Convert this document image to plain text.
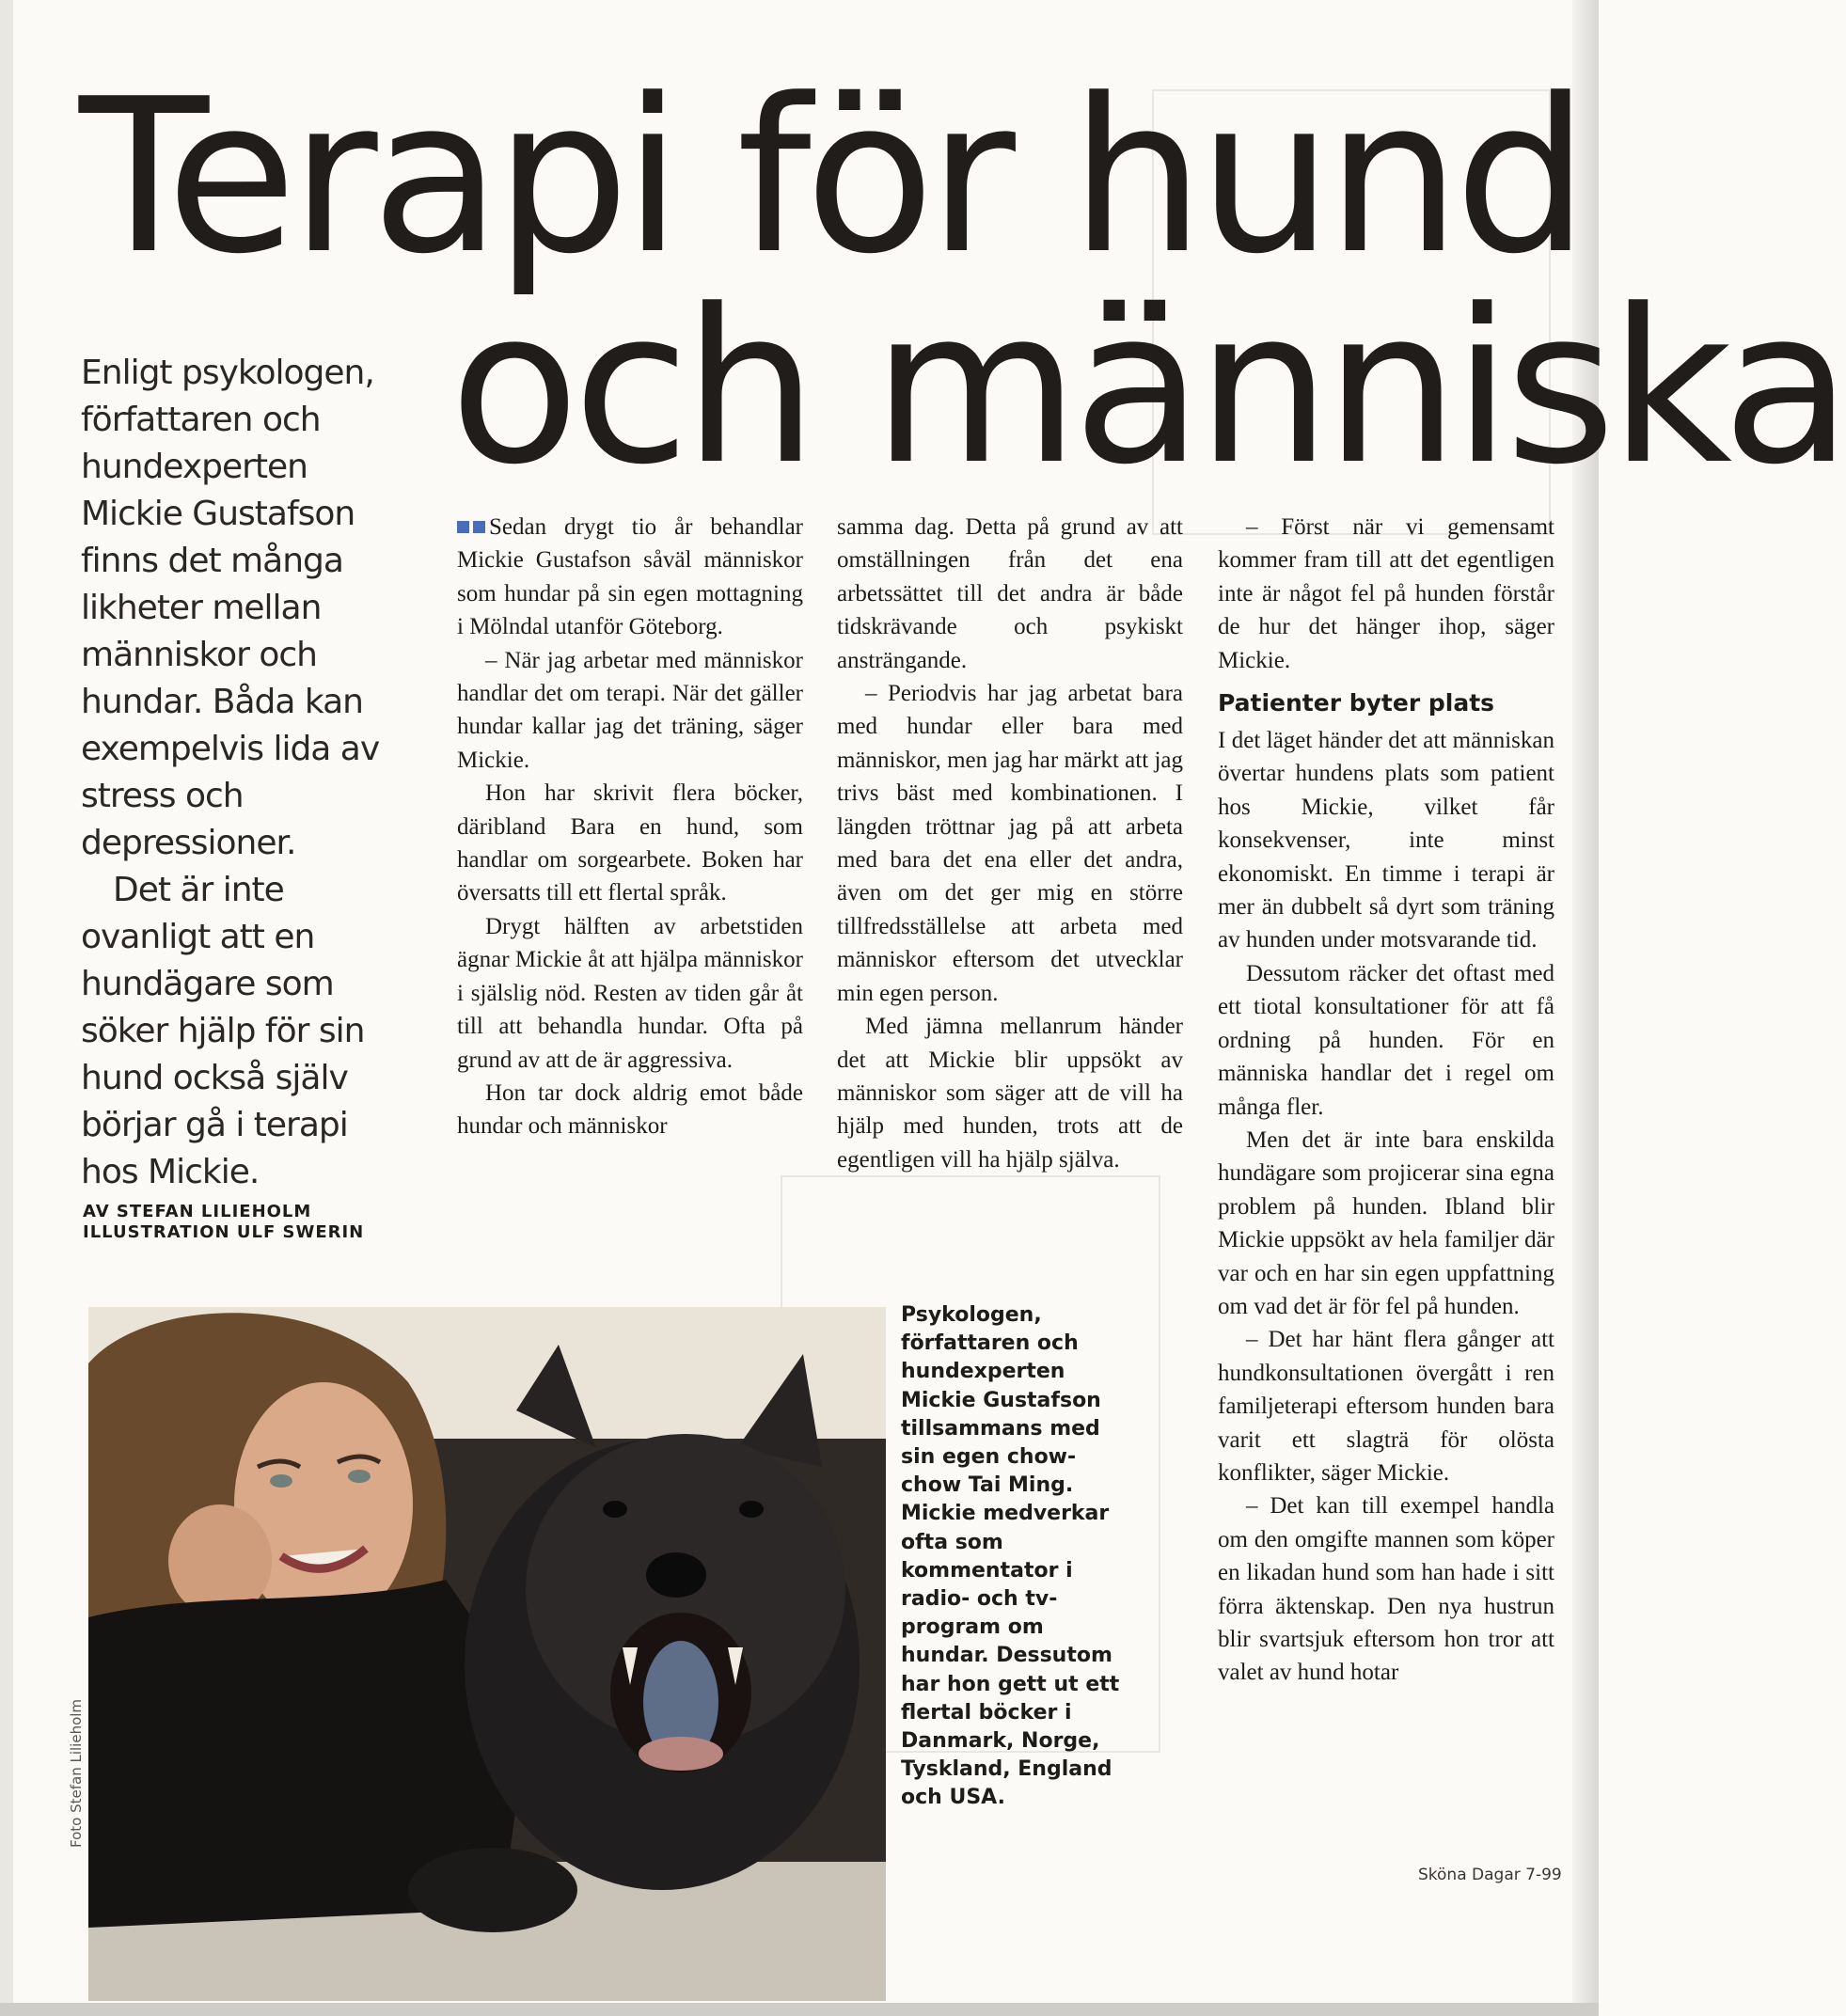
Terapi för hund
och människa

Enligt psykologen, författaren och hundexperten Mickie Gustafson finns det många likheter mellan människor och hundar. Båda kan exempelvis lida av stress och depressioner.

Det är inte ovanligt att en hundägare som söker hjälp för sin hund också själv börjar gå i terapi hos Mickie.

AV STEFAN LILIEHOLM
ILLUSTRATION ULF SWERIN

Sedan drygt tio år behandlar Mickie Gustafson såväl människor som hundar på sin egen mottagning i Mölndal utanför Göteborg.

– När jag arbetar med människor handlar det om terapi. När det gäller hundar kallar jag det träning, säger Mickie.

Hon har skrivit flera böcker, däribland Bara en hund, som handlar om sorgearbete. Boken har översatts till ett flertal språk.

Drygt hälften av arbetstiden ägnar Mickie åt att hjälpa människor i själslig nöd. Resten av tiden går åt till att behandla hundar. Ofta på grund av att de är aggressiva.

Hon tar dock aldrig emot både hundar och människor

samma dag. Detta på grund av att omställningen från det ena arbetssättet till det andra är både tidskrävande och psykiskt ansträngande.

– Periodvis har jag arbetat bara med hundar eller bara med människor, men jag har märkt att jag trivs bäst med kombinationen. I längden tröttnar jag på att arbeta med bara det ena eller det andra, även om det ger mig en större tillfredsställelse att arbeta med människor eftersom det utvecklar min egen person.

Med jämna mellanrum händer det att Mickie blir uppsökt av människor som säger att de vill ha hjälp med hunden, trots att de egentligen vill ha hjälp själva.

– Först när vi gemensamt kommer fram till att det egentligen inte är något fel på hunden förstår de hur det hänger ihop, säger Mickie.

Patienter byter plats

I det läget händer det att människan övertar hundens plats som patient hos Mickie, vilket får konsekvenser, inte minst ekonomiskt. En timme i terapi är mer än dubbelt så dyrt som träning av hunden under motsvarande tid.

Dessutom räcker det oftast med ett tiotal konsultationer för att få ordning på hunden. För en människa handlar det i regel om många fler.

Men det är inte bara enskilda hundägare som projicerar sina egna problem på hunden. Ibland blir Mickie uppsökt av hela familjer där var och en har sin egen uppfattning om vad det är för fel på hunden.

– Det har hänt flera gånger att hundkonsultationen övergått i ren familjeterapi eftersom hunden bara varit ett slagträ för olösta konflikter, säger Mickie.

– Det kan till exempel handla om den omgifte mannen som köper en likadan hund som han hade i sitt förra äktenskap. Den nya hustrun blir svartsjuk eftersom hon tror att valet av hund hotar

Foto Stefan Lilieholm

Psykologen, författaren och hundexperten Mickie Gustafson tillsammans med sin egen chow-chow Tai Ming. Mickie medverkar ofta som kommentator i radio- och tv-program om hundar. Dessutom har hon gett ut ett flertal böcker i Danmark, Norge, Tyskland, England och USA.

Sköna Dagar 7-99
